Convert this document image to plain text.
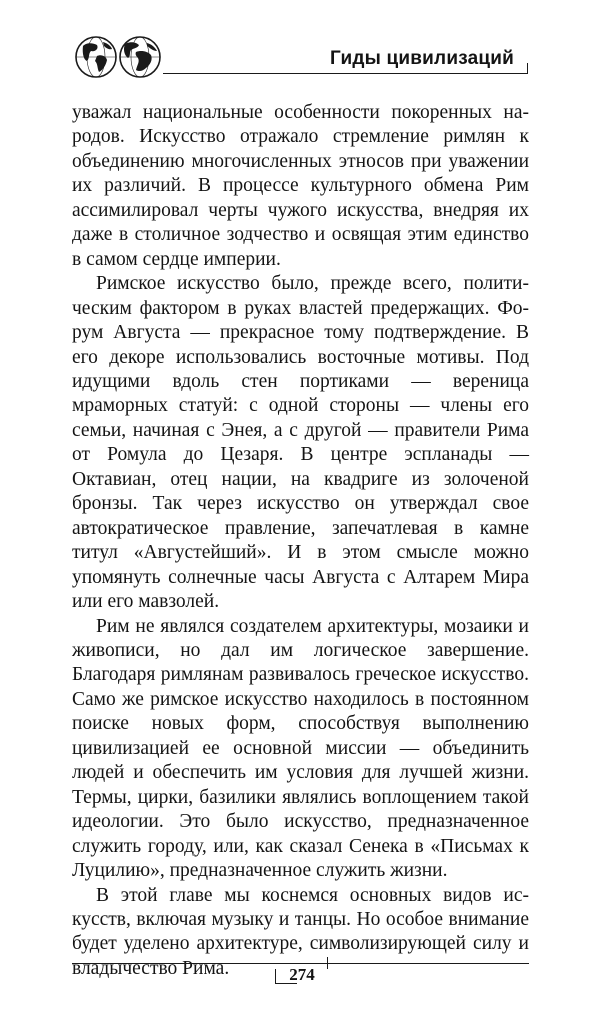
Гиды цивилизаций

уважал национальные особенности покоренных народов. Искусство отражало стремление римлян к объединению многочисленных этносов при уважении их различий. В процессе культурного обмена Рим ассимилировал черты чужого искусства, внедряя их даже в столичное зодчество и освящая этим единство в самом сердце империи.

Римское искусство было, прежде всего, политическим фактором в руках властей предержащих. Форум Августа — прекрасное тому подтверждение. В его декоре использовались восточные мотивы. Под идущими вдоль стен портиками — вереница мраморных статуй: с одной стороны — члены его семьи, начиная с Энея, а с другой — правители Рима от Ромула до Цезаря. В центре эспланады — Октавиан, отец нации, на квадриге из золоченой бронзы. Так через искусство он утверждал свое автократическое правление, запечатлевая в камне титул «Августейший». И в этом смысле можно упомянуть солнечные часы Августа с Алтарем Мира или его мавзолей.

Рим не являлся создателем архитектуры, мозаики и живописи, но дал им логическое завершение. Благодаря римлянам развивалось греческое искусство. Само же римское искусство находилось в постоянном поиске новых форм, способствуя выполнению цивилизацией ее основной миссии — объединить людей и обеспечить им условия для лучшей жизни. Термы, цирки, базилики являлись воплощением такой идеологии. Это было искусство, предназначенное служить городу, или, как сказал Сенека в «Письмах к Луцилию», предназначенное служить жизни.

В этой главе мы коснемся основных видов искусств, включая музыку и танцы. Но особое внимание будет уделено архитектуре, символизирующей силу и владычество Рима.	274
